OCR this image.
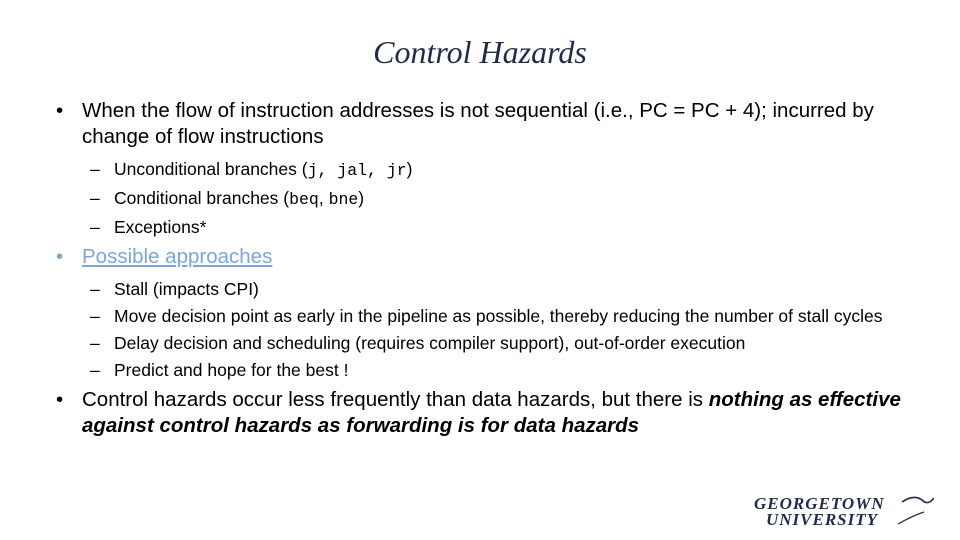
Control Hazards
• When the flow of instruction addresses is not sequential (i.e., PC = PC + 4); incurred by change of flow instructions
– Unconditional branches (j, jal, jr)
– Conditional branches (beq, bne)
– Exceptions*
• Possible approaches
– Stall (impacts CPI)
– Move decision point as early in the pipeline as possible, thereby reducing the number of stall cycles
– Delay decision and scheduling (requires compiler support), out-of-order execution
– Predict and hope for the best !
• Control hazards occur less frequently than data hazards, but there is nothing as effective against control hazards as forwarding is for data hazards
GEORGETOWN
UNIVERSITY
